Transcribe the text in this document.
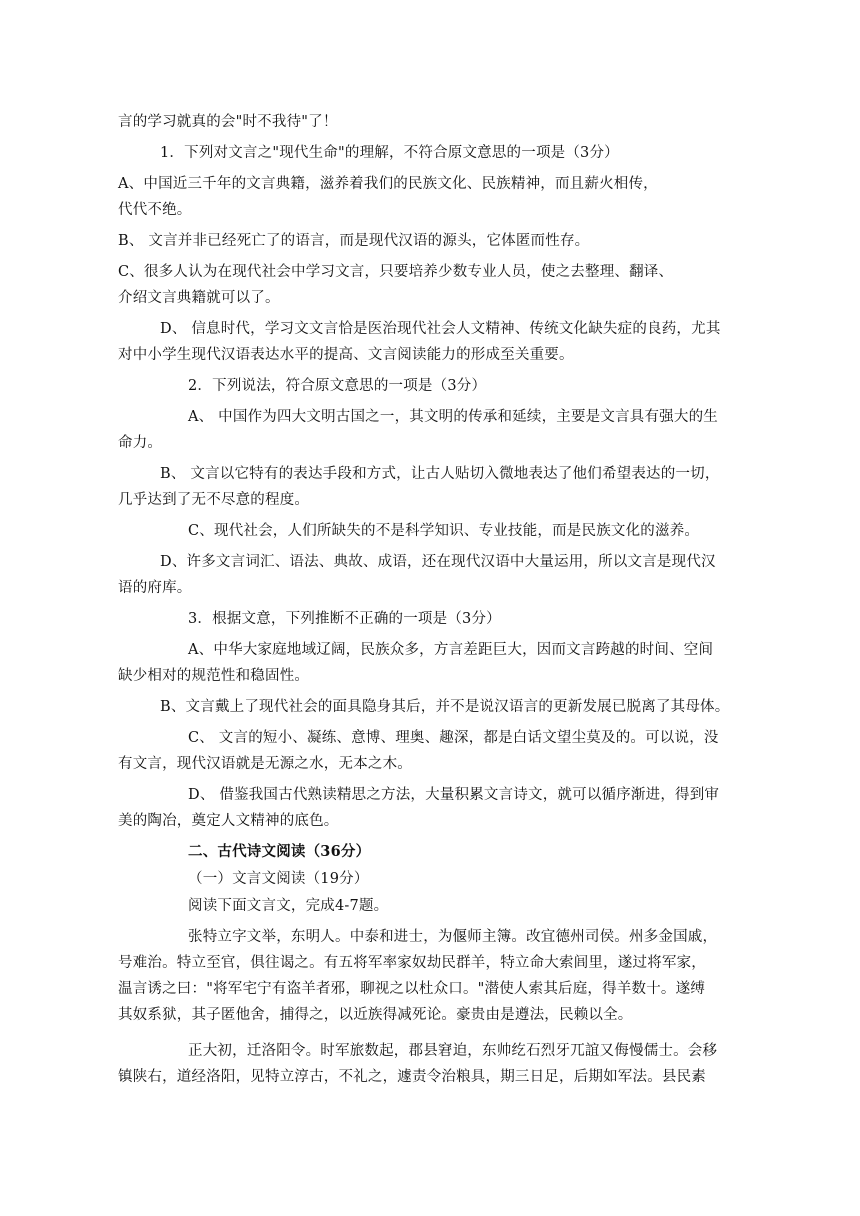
言的学习就真的会"时不我待"了！
1．下列对文言之"现代生命"的理解，不符合原文意思的一项是（3分）
A、中国近三千年的文言典籍，滋养着我们的民族文化、民族精神，而且薪火相传，
代代不绝。
B、 文言并非已经死亡了的语言，而是现代汉语的源头，它体匿而性存。
C、很多人认为在现代社会中学习文言，只要培养少数专业人员，使之去整理、翻译、
介绍文言典籍就可以了。
D、 信息时代，学习文文言恰是医治现代社会人文精神、传统文化缺失症的良药，尤其
对中小学生现代汉语表达水平的提高、文言阅读能力的形成至关重要。
2．下列说法，符合原文意思的一项是（3分）
A、 中国作为四大文明古国之一，其文明的传承和延续，主要是文言具有强大的生
命力。
B、 文言以它特有的表达手段和方式，让古人贴切入微地表达了他们希望表达的一切，
几乎达到了无不尽意的程度。
C、现代社会，人们所缺失的不是科学知识、专业技能，而是民族文化的滋养。
D、许多文言词汇、语法、典故、成语，还在现代汉语中大量运用，所以文言是现代汉
语的府库。
3．根据文意，下列推断不正确的一项是（3分）
A、中华大家庭地域辽阔，民族众多，方言差距巨大，因而文言跨越的时间、空间
缺少相对的规范性和稳固性。
B、文言戴上了现代社会的面具隐身其后，并不是说汉语言的更新发展已脱离了其母体。
C、 文言的短小、凝练、意博、理奥、趣深，都是白话文望尘莫及的。可以说，没
有文言，现代汉语就是无源之水，无本之木。
D、 借鉴我国古代熟读精思之方法，大量积累文言诗文，就可以循序渐进，得到审
美的陶冶，奠定人文精神的底色。
二、古代诗文阅读（36分）
（一）文言文阅读（19分）
阅读下面文言文，完成4-7题。
张特立字文举，东明人。中泰和进士，为偃师主簿。改宜德州司侯。州多金国戚，
号难治。特立至官，俱往谒之。有五将军率家奴劫民群羊，特立命大索闾里，遂过将军家，
温言诱之曰："将军宅宁有盗羊者邪，聊视之以杜众口。"潜使人索其后庭，得羊数十。遂缚
其奴系狱，其子匿他舍，捕得之，以近族得减死论。豪贵由是遵法，民赖以全。
正大初，迁洛阳令。时军旅数起，郡县窘迫，东帅纥石烈牙兀誼又侮慢儒士。会移
镇陕右，道经洛阳，见特立淳古，不礼之，遽责令治粮具，期三日足，后期如军法。县民素
